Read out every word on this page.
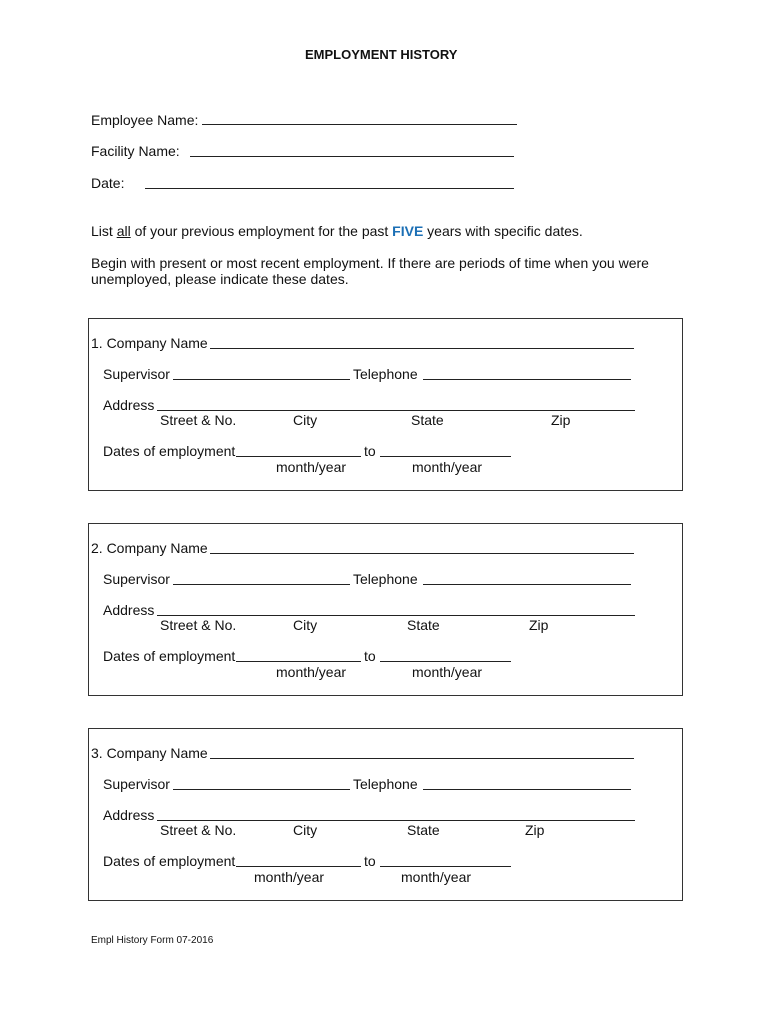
EMPLOYMENT HISTORY
Employee Name:
Facility Name:
Date:
List all of your previous employment for the past FIVE years with specific dates.
Begin with present or most recent employment. If there are periods of time when you were
unemployed, please indicate these dates.
1. Company Name
Supervisor	Telephone
Address
Street & No.	City	State	Zip
Dates of employment	to
month/year	month/year
2. Company Name
Supervisor	Telephone
Address
Street & No.	City	State	Zip
Dates of employment	to
month/year	month/year
3. Company Name
Supervisor	Telephone
Address
Street & No.	City	State	Zip
Dates of employment	to
month/year	month/year
Empl History Form 07-2016
